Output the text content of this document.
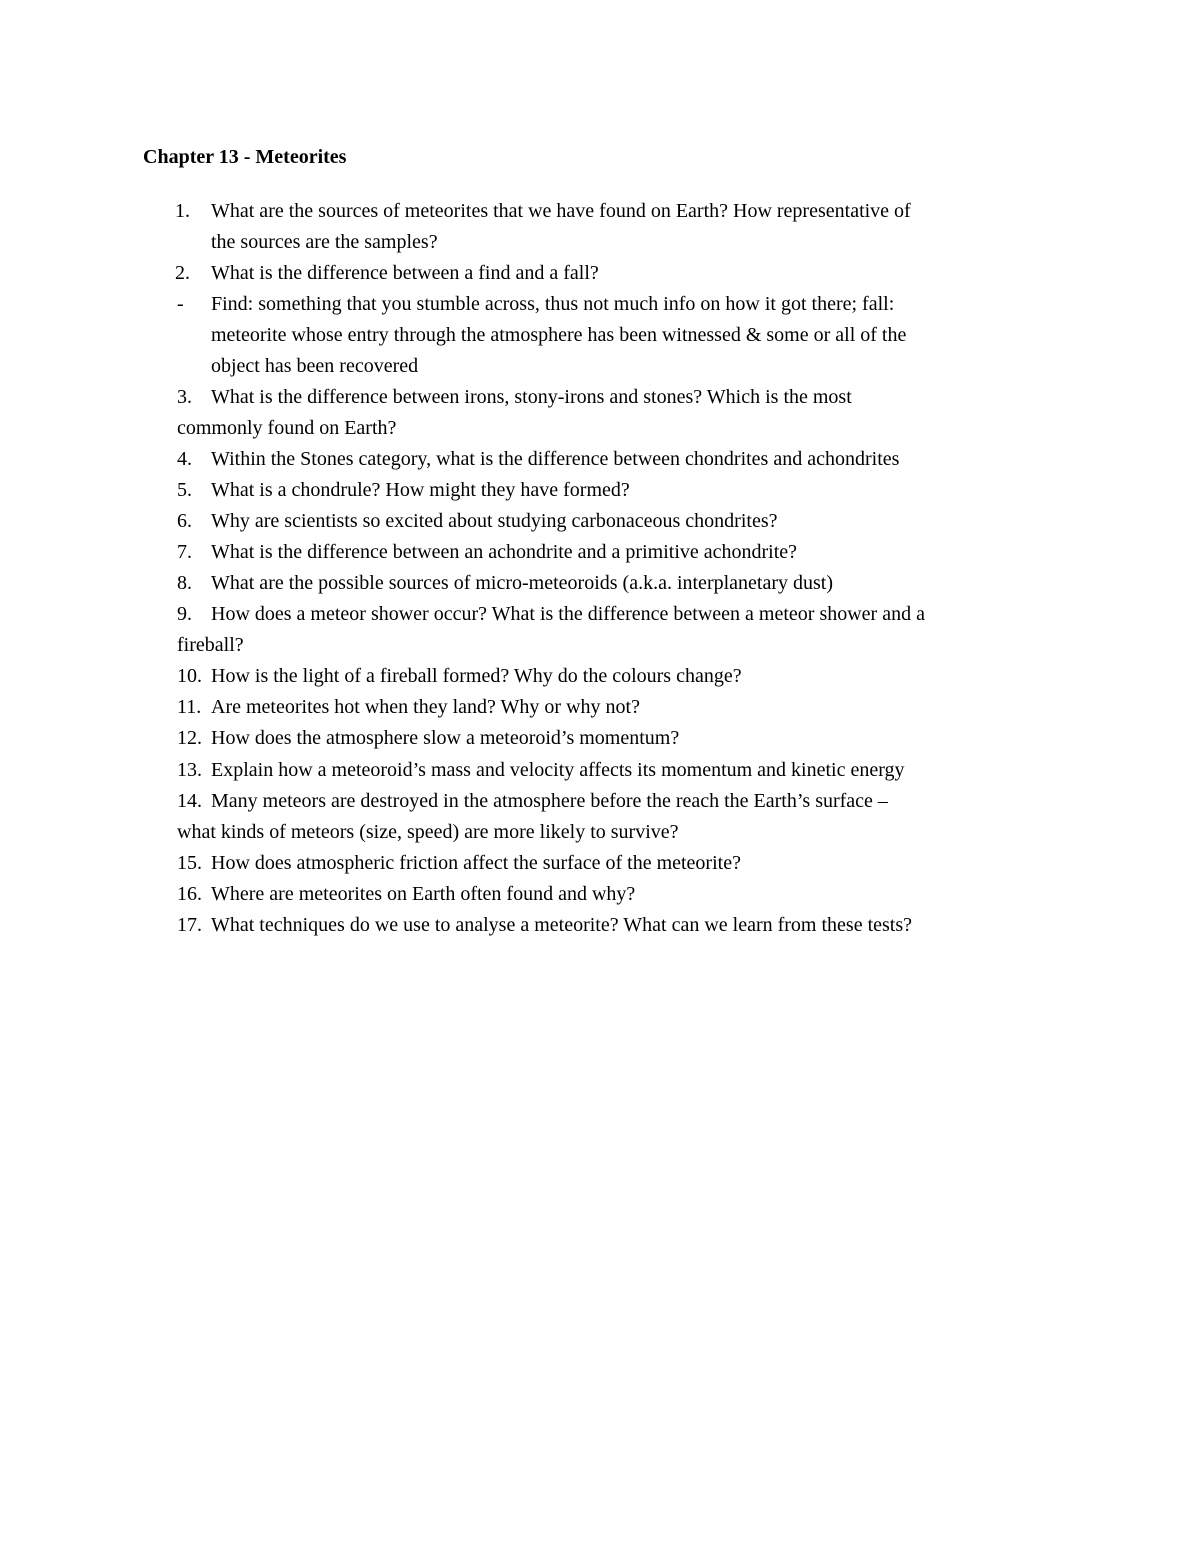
Chapter 13 - Meteorites
1. What are the sources of meteorites that we have found on Earth? How representative of
the sources are the samples?
2. What is the difference between a find and a fall?
- Find: something that you stumble across, thus not much info on how it got there; fall:
meteorite whose entry through the atmosphere has been witnessed & some or all of the
object has been recovered
3. What is the difference between irons, stony-irons and stones? Which is the most
commonly found on Earth?
4. Within the Stones category, what is the difference between chondrites and achondrites
5. What is a chondrule? How might they have formed?
6. Why are scientists so excited about studying carbonaceous chondrites?
7. What is the difference between an achondrite and a primitive achondrite?
8. What are the possible sources of micro-meteoroids (a.k.a. interplanetary dust)
9. How does a meteor shower occur? What is the difference between a meteor shower and a
fireball?
10. How is the light of a fireball formed? Why do the colours change?
11. Are meteorites hot when they land? Why or why not?
12. How does the atmosphere slow a meteoroid’s momentum?
13. Explain how a meteoroid’s mass and velocity affects its momentum and kinetic energy
14. Many meteors are destroyed in the atmosphere before the reach the Earth’s surface –
what kinds of meteors (size, speed) are more likely to survive?
15. How does atmospheric friction affect the surface of the meteorite?
16. Where are meteorites on Earth often found and why?
17. What techniques do we use to analyse a meteorite? What can we learn from these tests?
